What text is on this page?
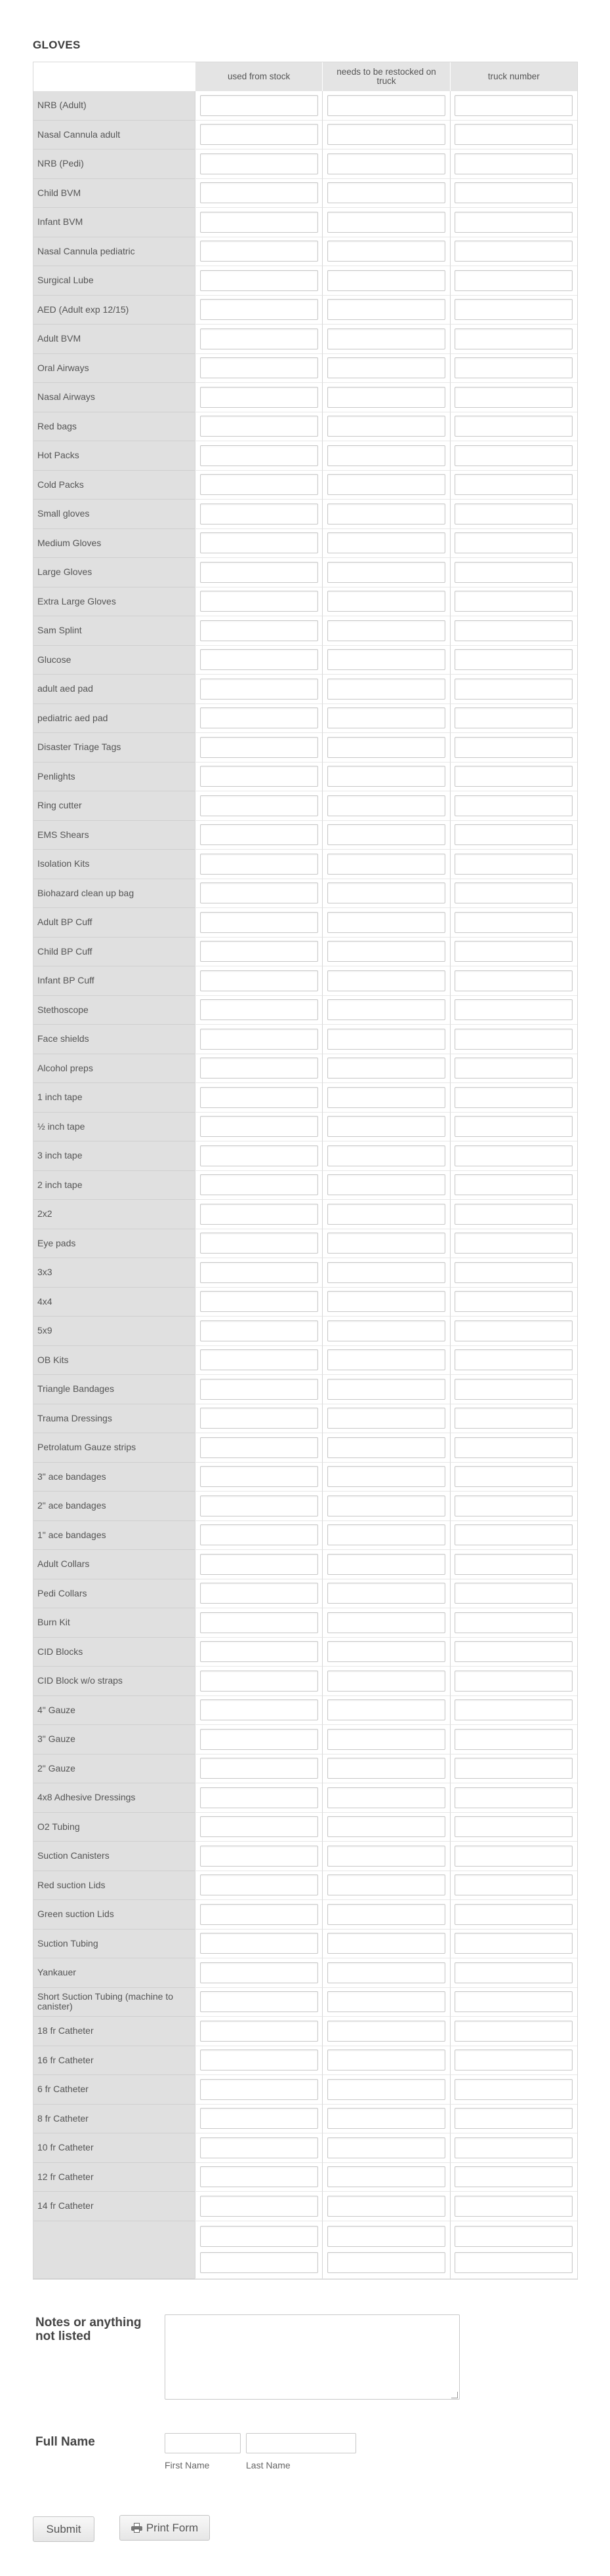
GLOVES
used from stock	needs to be restocked on truck	truck number
NRB (Adult)
Nasal Cannula adult
NRB (Pedi)
Child BVM
Infant BVM
Nasal Cannula pediatric
Surgical Lube
AED (Adult exp 12/15)
Adult BVM
Oral Airways
Nasal Airways
Red bags
Hot Packs
Cold Packs
Small gloves
Medium Gloves
Large Gloves
Extra Large Gloves
Sam Splint
Glucose
adult aed pad
pediatric aed pad
Disaster Triage Tags
Penlights
Ring cutter
EMS Shears
Isolation Kits
Biohazard clean up bag
Adult BP Cuff
Child BP Cuff
Infant BP Cuff
Stethoscope
Face shields
Alcohol preps
1 inch tape
½ inch tape
3 inch tape
2 inch tape
2x2
Eye pads
3x3
4x4
5x9
OB Kits
Triangle Bandages
Trauma Dressings
Petrolatum Gauze strips
3" ace bandages
2" ace bandages
1" ace bandages
Adult Collars
Pedi Collars
Burn Kit
CID Blocks
CID Block w/o straps
4" Gauze
3" Gauze
2" Gauze
4x8 Adhesive Dressings
O2 Tubing
Suction Canisters
Red suction Lids
Green suction Lids
Suction Tubing
Yankauer
Short Suction Tubing (machine to canister)
18 fr Catheter
16 fr Catheter
6 fr Catheter
8 fr Catheter
10 fr Catheter
12 fr Catheter
14 fr Catheter
Notes or anything not listed
Full Name
First Name	Last Name
Submit	Print Form
